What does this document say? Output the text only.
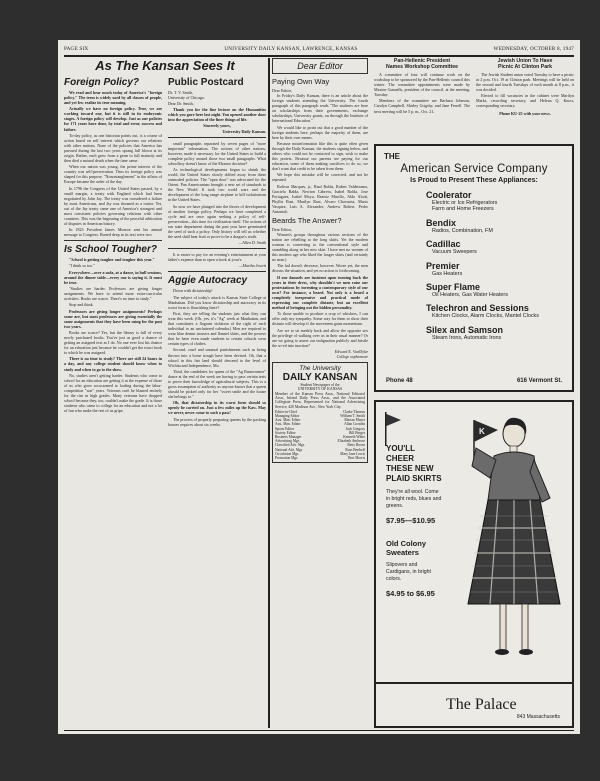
PAGE SIX	UNIVERSITY DAILY KANSAN, LAWRENCE, KANSAS	WEDNESDAY, OCTOBER 8, 1947
As The Kansan Sees It
Foreign Policy?

We read and hear much today of America's "foreign policy." The term is widely used by all classes of people, and yet few realize its true meaning.

Actually we have no foreign policy. True, we are working toward one, but it is still in its embryonic stages. A foreign policy will develop. Just as our policies for 171 years have done, by trial and error, success and failure.

To-day policy, as one historian points out, is a course of action based on self interest which governs our relations with other nations. None of the policies that America has pursued during the last two years sprang full blown at its origin. Rather, each grew from a germ to full maturity and then died a natural death when the time came.

When our nation was young, the prime interest of the country was self-preservation. Thus its foreign policy was shaped for this purpose. "Noncntanglement" in the affairs of Europe became the order of the day.

In 1796 the Congress of the United States passed, by a small margin, a treaty with England which had been negotiated by John Jay. The treaty was considered a failure by most Americans, and Jay was doomed as a traitor. Yet, out of the Jay treaty came one of America's strongest and most consistent policies governing relations with other countries. This was the beginning of the peaceful arbitration of disputes in American history.

In 1823 President James Monroe sent his annual message to Congress. Buried deep in its text were two

Is School Tougher?

"School is getting tougher and tougher this year."

"I think so too."

Everywhere—over a soda, at a dance, in bull sessions, around the dinner table—every one is saying it. It must be true.

"Studies are harder. Professors are giving longer assignments. We have to attend more extra-curricular activities. Books are scarce. There's no time to study."

Stop and think.

Professors are giving longer assignments? Perhaps some are, but most professors are giving essentially the same assignments that they have been using for the past two years.

Books are scarce? Yes, but the library is full of every newly purchased books. You've just as good a chance of getting an assigned text as I do. No one ever lost his chance for an education just because he couldn't get the exact book to which he was assigned.

There is no time to study? There are still 24 hours in a day, and any college student should know when to study and when to go to the show.

No, studies aren't getting harder. Students who come to school for an education are getting it at the expense of those of us who grow accustomed to loafing during the labor-competition "war" years. Veterans can't be blamed entirely for the rise in high grades. Many veterans have dropped school because they, too, couldn't make the grade. It is those students who came to college for an education and not a lot of fun who make the rest of us gripe.

Public Postcard
Dr. T. V. Smith,
University of Chicago.
Dear Dr. Smith,

Thank you for the fine lecture on the Humanities which you gave here last night. You opened another door into the appreciation of the finer things of life.

Sincerely yours,
University Daily Kansan.

small paragraphs separated by seven pages of "more important" information. The actions of other nations, however, made it necessary for the United States to build a complete policy around those two small paragraphs. What schoolboy doesn't know of the Monroe doctrine?

As technological developments began to shrink the world, the United States slowly drifted away from these outmoded policies. The "open door" was advocated for the Orient. Pan Americanism brought a new set of standards to the New World. It took two world wars and the development of the long range airplane to kill isolationism in the United States.

So now we have plunged into the throes of development of another foreign policy. Perhaps we have completed a cycle and are once again seeking a policy of self-preservation—this time for civilization itself. The actions of our state department during the past year have germinated the seed of such a policy. Only history will tell us whether the seed shall bear fruit or prove to be a dragon's tooth.

—Allen D. Smith

It is easier to pay for an evening's entertainment at your father's expense than to open a book at your's.

—Martha Jewett
Aggie Autocracy

Down with dictatorship!

The subject of today's attack is Kansas State College at Manhattan. Did you know dictatorship and autocracy in its worst form is flourishing there?

First, they are telling the students just what they can wear this week. (Oh, yes, it's "Ag" week at Manhattan, and that constitutes a flagrant violation of the right of each individual to an uncluttered calendar.) Men are required to wear blue denim trousers and flannel shirts, and the powers that be have even made students in certain schools wear certain types of clothes.

Second, cruel and unusual punishments such as being thrown into a horse trough have been devised. Oh, that a school in this fair land should descend to the level of Wichita and Independence, Mo.

Third, the candidates for queen of the "Ag Barnwarmer" dance at the end of the week are having to pass certain tests to prove their knowledge of agricultural subjects. This is a gross assumption of authority as anyone knows that a queen should be picked only for her "sweet smile and the house she belongs to."

Oh, that dictatorship in its worst form should so openly be carried on. Just a few miles up the Kaw. May we never, never come to such a pass!

The process of properly preparing queens by the packing houses requires about six weeks.

Dear Editor
Paying Own Way
Dear Editor,

In Friday's Daily Kansan, there is an article about the foreign students attending the University. The fourth paragraph of this paragraph reads "The students are here on scholarships from their governments, exchange scholarships, University grants, on through the Institute of International Education."

We would like to point out that a good number of the foreign students here, perhaps the majority of them, are here by their own means.

Because misinformation like this is quite often given through the Daily Kansan, the students signing below, and others who could not be contacted to sign, wish to make this protest. Because our parents are paying for our education, some of them making sacrifices to do so, we don't want that credit to be taken from them.

We hope this mistake will be corrected, and not be repeated.

Bolivar Marques, jr., Raul Rolda, Ruben Valderrama, Graciela Balda, Newton Cabrera, Isabel Rolda, Jose Portuguez, Isabel Moya, Beatriz Murillo, Aldo Alotti, Phyllis Rust, Marilyn Rust, Alvaro Chavarria, Mario Vasquez, Luis A. Alexander, Andrew Robert, Pedro Antonioli.

Beards The Answer?
Dear Editor,

Women's groups throughout various sections of the nation are rebelling at the long skirts. Yet the modern woman is converting to the conventional style and stumbling along in her new skirt. I have met no women of this modern age who liked the longer skirts (and certainly no man.)

The fad doesn't decrease, however. Worse yet, the men discuss the situation, and yet no action is forthcoming.

If our damsels are insistent upon turning back the years in their dress, why shouldn't we men raise our protestations by inventing a contemporary style of our own? For instance, a beard. Not only is a beard a completely inexpensive and practical mode of expressing our complete distaste, but an excellent method of bringing out the hidden personality.

To those unable to produce a crop of whiskers, I can offer only my sympathy. Some way for them to show their distaste will develop if the movement gains momentum.

Are we to sit meekly back and allow the opposite sex the privilege of walking over us in their usual manner? Or are we going to assert our indignation publicly and bristle the so-ed into inaction?

Edward E. VonDyke
College sophomore
The University
DAILY KANSAN
Student Newspaper of the
UNIVERSITY OF KANSAS
Member of the Kansas Press Assn., National Editorial Assn., Inland Daily Press Assn., and the Associated Collegiate Press. Represented for National Advertising Service, 420 Madison Ave., New York City.
Editor-in-Chief	Clarke Thomas
Managing Editor	William T. Smith
Asst. Man. Editor	Marian Mayer
Asst. Man. Editor	Allan Coombs
Sports Editor	Jack Gregory
Society Editor	Bill Berger
Business Manager	Kenneth White
Advertising Mgr.	Elizabeth Ambrose
Classified Adv. Mgr.	Betty Rosen
National Adv. Mgr.	Russ Benhoff
Circulation Mgr.	Mary Jane Lewis
Promotion Mgr.	Bert Morris
Pan-Hellenic President
Names Workshop Committee

A committee of four will continue work on the workshop to be sponsored by the Pan-Hellenic council this winter. The committee appointments were made by Maxine Gunnells, president of the council, at the meeting, Tuesday.

Members of the committee are Barbara Johnson, Carolyn Campbell, Shirley Grigsby, and Jane Ferrell. The next meeting will be 5 p. m., Oct. 21.

Jewish Union To Have
Picnic At Clinton Park

The Jewish Student union voted Tuesday to have a picnic at 2 p.m. Oct. 19 at Clinton park. Meetings will be held on the second and fourth Tuesdays of each month at 8 p.m., it was decided.

Elected to fill vacancies in the cabinet were Marilyn Marks, recording secretary, and Helena Q. Knorr, corresponding secretary.

Phone KU-25 with your news.
THE
American Service Company
Is Proud to Present These Appliances:
Coolerator
Electric or Ice Refrigerators
Farm and Home Freezers
Bendix
Radios, Combination, FM
Cadillac
Vacuum Sweepers
Premier
Gas Heaters
Super Flame
Oil Heaters, Gas Water Heaters
Telechron and Sessions
Kitchen Clocks, Alarm Clocks, Mantel Clocks
Silex and Samson
Steam Irons, Automatic Irons
Phone 48	616 Vermont St.
YOU'LL
CHEER
THESE NEW
PLAID SKIRTS
They're all wool. Come in bright reds, blues and greens.
$7.95—$10.95
Old Colony
Sweaters
Slipovers and Cardigans, in bright colors.
$4.95 to $6.95
K
The Palace
843 Massachusetts
